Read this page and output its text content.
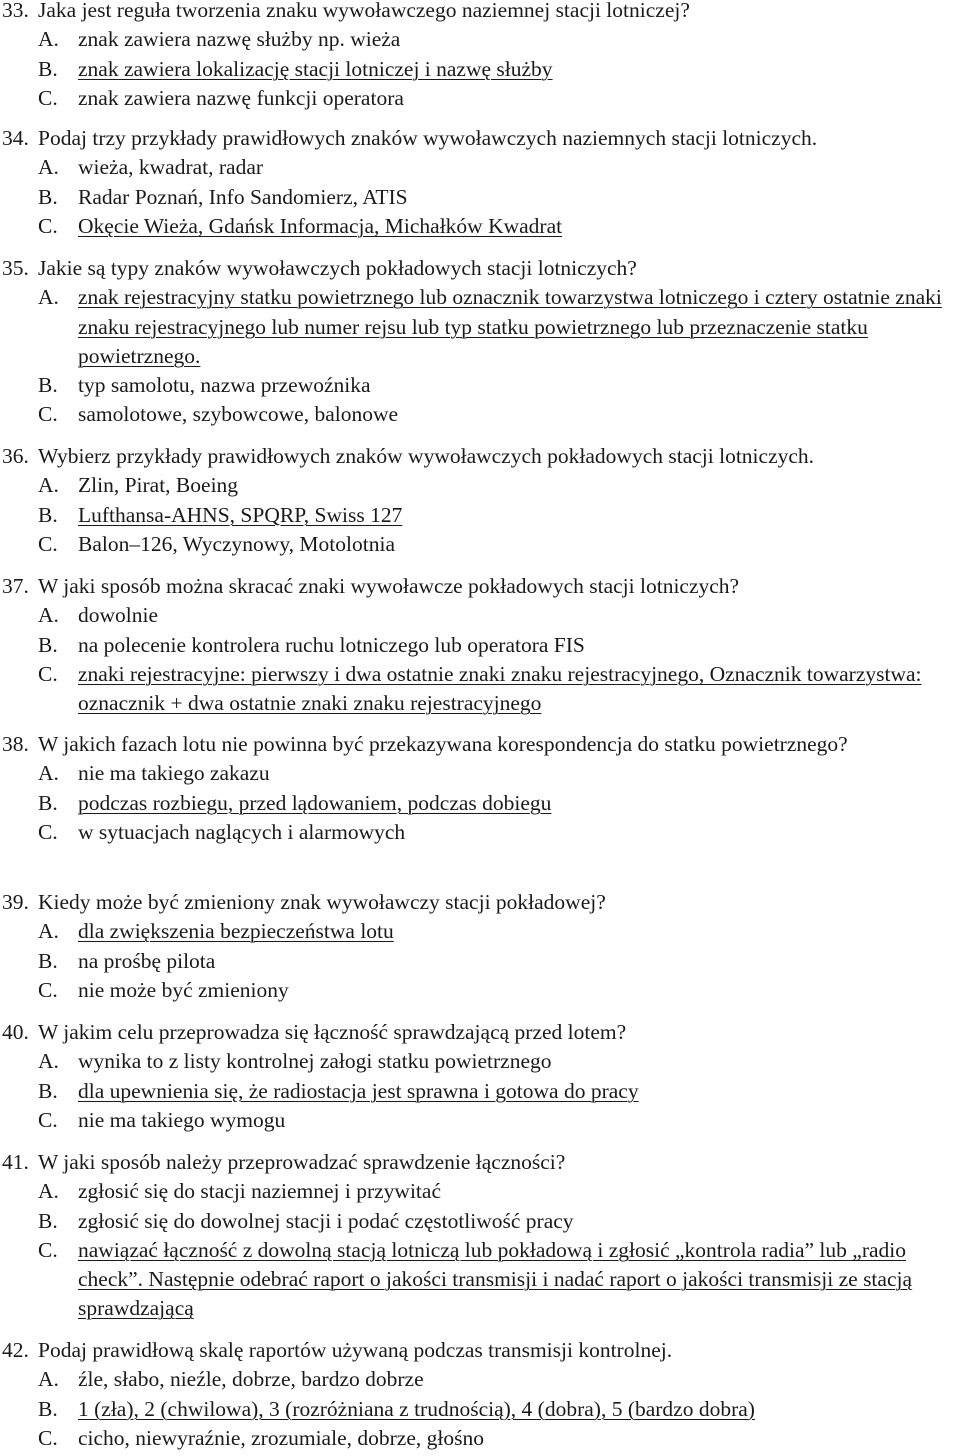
33. Jaka jest reguła tworzenia znaku wywoławczego naziemnej stacji lotniczej?
A. znak zawiera nazwę służby np. wieża
B. znak zawiera lokalizację stacji lotniczej i nazwę służby
C. znak zawiera nazwę funkcji operatora
34. Podaj trzy przykłady prawidłowych znaków wywoławczych naziemnych stacji lotniczych.
A. wieża, kwadrat, radar
B. Radar Poznań, Info Sandomierz, ATIS
C. Okęcie Wieża, Gdańsk Informacja, Michałków Kwadrat
35. Jakie są typy znaków wywoławczych pokładowych stacji lotniczych?
A. znak rejestracyjny statku powietrznego lub oznacznik towarzystwa lotniczego i cztery ostatnie znaki znaku rejestracyjnego lub numer rejsu lub typ statku powietrznego lub przeznaczenie statku powietrznego.
B. typ samolotu, nazwa przewoźnika
C. samolotowe, szybowcowe, balonowe
36. Wybierz przykłady prawidłowych znaków wywoławczych pokładowych stacji lotniczych.
A. Zlin, Pirat, Boeing
B. Lufthansa-AHNS, SPQRP, Swiss 127
C. Balon–126, Wyczynowy, Motolotnia
37. W jaki sposób można skracać znaki wywoławcze pokładowych stacji lotniczych?
A. dowolnie
B. na polecenie kontrolera ruchu lotniczego lub operatora FIS
C. znaki rejestracyjne: pierwszy i dwa ostatnie znaki znaku rejestracyjnego, Oznacznik towarzystwa: oznacznik + dwa ostatnie znaki znaku rejestracyjnego
38. W jakich fazach lotu nie powinna być przekazywana korespondencja do statku powietrznego?
A. nie ma takiego zakazu
B. podczas rozbiegu, przed lądowaniem, podczas dobiegu
C. w sytuacjach naglących i alarmowych
39. Kiedy może być zmieniony znak wywoławczy stacji pokładowej?
A. dla zwiększenia bezpieczeństwa lotu
B. na prośbę pilota
C. nie może być zmieniony
40. W jakim celu przeprowadza się łączność sprawdzającą przed lotem?
A. wynika to z listy kontrolnej załogi statku powietrznego
B. dla upewnienia się, że radiostacja jest sprawna i gotowa do pracy
C. nie ma takiego wymogu
41. W jaki sposób należy przeprowadzać sprawdzenie łączności?
A. zgłosić się do stacji naziemnej i przywitać
B. zgłosić się do dowolnej stacji i podać częstotliwość pracy
C. nawiązać łączność z dowolną stacją lotniczą lub pokładową i zgłosić „kontrola radia” lub „radio check”. Następnie odebrać raport o jakości transmisji i nadać raport o jakości transmisji ze stacją sprawdzającą
42. Podaj prawidłową skalę raportów używaną podczas transmisji kontrolnej.
A. źle, słabo, nieźle, dobrze, bardzo dobrze
B. 1 (zła), 2 (chwilowa), 3 (rozróżniana z trudnością), 4 (dobra), 5 (bardzo dobra)
C. cicho, niewyraźnie, zrozumiale, dobrze, głośno
